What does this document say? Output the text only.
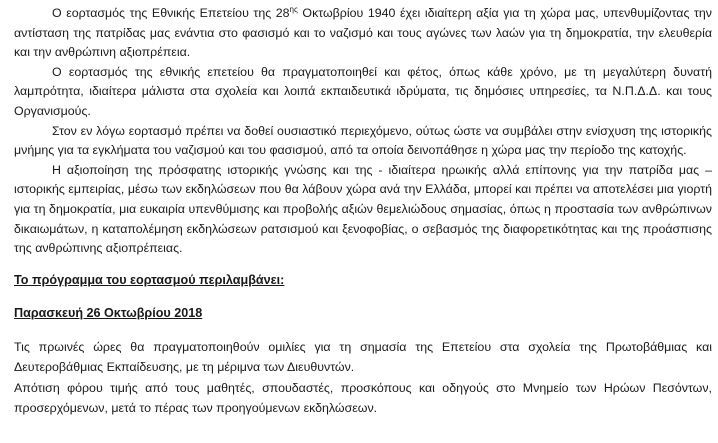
Ο εορτασμός της Εθνικής Επετείου της $28^{\eta\varsigma}$ Οκτωβρίου 1940 έχει ιδιαίτερη αξία για τη χώρα μας, υπενθυμίζοντας την αντίσταση της πατρίδας μας ενάντια στο φασισμό και το ναζισμό και τους αγώνες των λαών για τη δημοκρατία, την ελευθερία και την ανθρώπινη αξιοπρέπεια.

Ο εορτασμός της εθνικής επετείου θα πραγματοποιηθεί και φέτος, όπως κάθε χρόνο, με τη μεγαλύτερη δυνατή λαμπρότητα, ιδιαίτερα μάλιστα στα σχολεία και λοιπά εκπαιδευτικά ιδρύματα, τις δημόσιες υπηρεσίες, τα Ν.Π.Δ.Δ. και τους Οργανισμούς.

Στον εν λόγω εορτασμό πρέπει να δοθεί ουσιαστικό περιεχόμενο, ούτως ώστε να συμβάλει στην ενίσχυση της ιστορικής μνήμης για τα εγκλήματα του ναζισμού και του φασισμού, από τα οποία δεινοπάθησε η χώρα μας την περίοδο της κατοχής.

Η αξιοποίηση της πρόσφατης ιστορικής γνώσης και της - ιδιαίτερα ηρωικής αλλά επίπονης για την πατρίδα μας – ιστορικής εμπειρίας, μέσω των εκδηλώσεων που θα λάβουν χώρα ανά την Ελλάδα, μπορεί και πρέπει να αποτελέσει μια γιορτή για τη δημοκρατία, μια ευκαιρία υπενθύμισης και προβολής αξιών θεμελιώδους σημασίας, όπως η προστασία των ανθρώπινων δικαιωμάτων, η καταπολέμηση εκδηλώσεων ρατσισμού και ξενοφοβίας, ο σεβασμός της διαφορετικότητας και της προάσπισης της ανθρώπινης αξιοπρέπειας.

Το πρόγραμμα του εορτασμού περιλαμβάνει:
Παρασκευή 26 Οκτωβρίου 2018

Τις πρωινές ώρες θα πραγματοποιηθούν ομιλίες για τη σημασία της Επετείου στα σχολεία της Πρωτοβάθμιας και Δευτεροβάθμιας Εκπαίδευσης, με τη μέριμνα των Διευθυντών.

Απότιση φόρου τιμής από τους μαθητές, σπουδαστές, προσκόπους και οδηγούς στο Μνημείο των Ηρώων Πεσόντων, προσερχόμενων, μετά το πέρας των προηγούμενων εκδηλώσεων.
